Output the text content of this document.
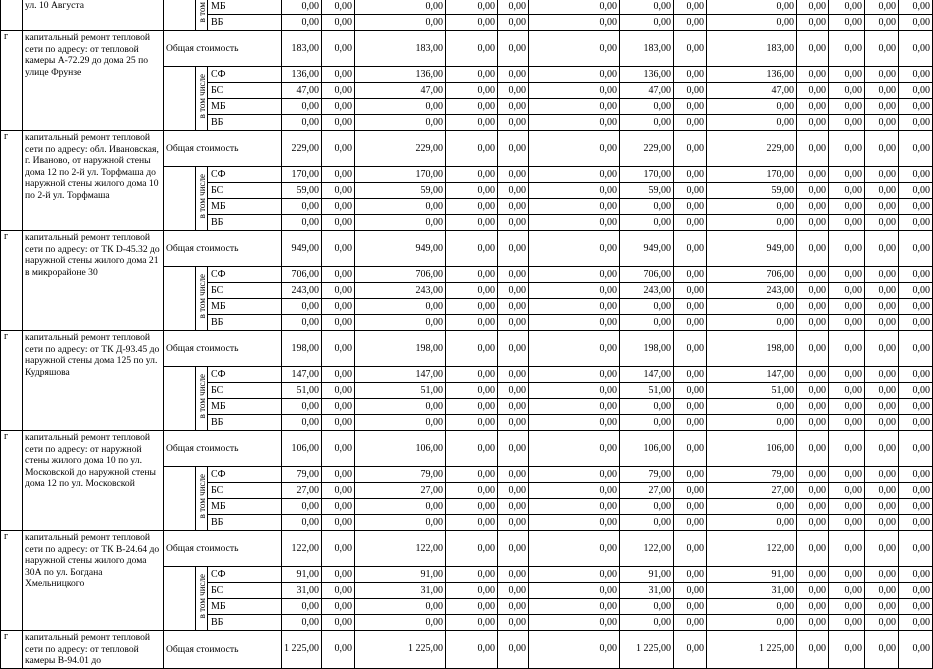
	ул. 10 Августа		в том	МБ	0,00	0,00	0,00	0,00	0,00	0,00	0,00	0,00	0,00	0,00	0,00	0,00	0,00
				ВБ	0,00	0,00	0,00	0,00	0,00	0,00	0,00	0,00	0,00	0,00	0,00	0,00	0,00
г	капитальный ремонт тепловой сети по адресу: от тепловой камеры А-72.29 до дома 25 по улице Фрунзе	Общая стоимость			183,00	0,00	183,00	0,00	0,00	0,00	183,00	0,00	183,00	0,00	0,00	0,00	0,00
			в том числе	СФ	136,00	0,00	136,00	0,00	0,00	0,00	136,00	0,00	136,00	0,00	0,00	0,00	0,00
				БС	47,00	0,00	47,00	0,00	0,00	0,00	47,00	0,00	47,00	0,00	0,00	0,00	0,00
				МБ	0,00	0,00	0,00	0,00	0,00	0,00	0,00	0,00	0,00	0,00	0,00	0,00	0,00
				ВБ	0,00	0,00	0,00	0,00	0,00	0,00	0,00	0,00	0,00	0,00	0,00	0,00	0,00
г	капитальный ремонт тепловой сети по адресу: обл. Ивановская, г. Иваново, от наружной стены дома 12 по 2-й ул. Торфмаша до наружной стены жилого дома 10 по 2-й ул. Торфмаша	Общая стоимость			229,00	0,00	229,00	0,00	0,00	0,00	229,00	0,00	229,00	0,00	0,00	0,00	0,00
			в том числе	СФ	170,00	0,00	170,00	0,00	0,00	0,00	170,00	0,00	170,00	0,00	0,00	0,00	0,00
				БС	59,00	0,00	59,00	0,00	0,00	0,00	59,00	0,00	59,00	0,00	0,00	0,00	0,00
				МБ	0,00	0,00	0,00	0,00	0,00	0,00	0,00	0,00	0,00	0,00	0,00	0,00	0,00
				ВБ	0,00	0,00	0,00	0,00	0,00	0,00	0,00	0,00	0,00	0,00	0,00	0,00	0,00
г	капитальный ремонт тепловой сети по адресу: от ТК D-45.32 до наружной стены жилого дома 21 в микрорайоне 30	Общая стоимость			949,00	0,00	949,00	0,00	0,00	0,00	949,00	0,00	949,00	0,00	0,00	0,00	0,00
			в том числе	СФ	706,00	0,00	706,00	0,00	0,00	0,00	706,00	0,00	706,00	0,00	0,00	0,00	0,00
				БС	243,00	0,00	243,00	0,00	0,00	0,00	243,00	0,00	243,00	0,00	0,00	0,00	0,00
				МБ	0,00	0,00	0,00	0,00	0,00	0,00	0,00	0,00	0,00	0,00	0,00	0,00	0,00
				ВБ	0,00	0,00	0,00	0,00	0,00	0,00	0,00	0,00	0,00	0,00	0,00	0,00	0,00
г	капитальный ремонт тепловой сети по адресу: от ТК Д-93.45 до наружной стены дома 125 по ул. Кудряшова	Общая стоимость			198,00	0,00	198,00	0,00	0,00	0,00	198,00	0,00	198,00	0,00	0,00	0,00	0,00
			в том числе	СФ	147,00	0,00	147,00	0,00	0,00	0,00	147,00	0,00	147,00	0,00	0,00	0,00	0,00
				БС	51,00	0,00	51,00	0,00	0,00	0,00	51,00	0,00	51,00	0,00	0,00	0,00	0,00
				МБ	0,00	0,00	0,00	0,00	0,00	0,00	0,00	0,00	0,00	0,00	0,00	0,00	0,00
				ВБ	0,00	0,00	0,00	0,00	0,00	0,00	0,00	0,00	0,00	0,00	0,00	0,00	0,00
г	капитальный ремонт тепловой сети по адресу: от наружной стены жилого дома 10 по ул. Московской до наружной стены дома 12 по ул. Московской	Общая стоимость			106,00	0,00	106,00	0,00	0,00	0,00	106,00	0,00	106,00	0,00	0,00	0,00	0,00
			в том числе	СФ	79,00	0,00	79,00	0,00	0,00	0,00	79,00	0,00	79,00	0,00	0,00	0,00	0,00
				БС	27,00	0,00	27,00	0,00	0,00	0,00	27,00	0,00	27,00	0,00	0,00	0,00	0,00
				МБ	0,00	0,00	0,00	0,00	0,00	0,00	0,00	0,00	0,00	0,00	0,00	0,00	0,00
				ВБ	0,00	0,00	0,00	0,00	0,00	0,00	0,00	0,00	0,00	0,00	0,00	0,00	0,00
г	капитальный ремонт тепловой сети по адресу: от ТК В-24.64 до наружной стены жилого дома 30А по ул. Богдана Хмельницкого	Общая стоимость			122,00	0,00	122,00	0,00	0,00	0,00	122,00	0,00	122,00	0,00	0,00	0,00	0,00
			в том числе	СФ	91,00	0,00	91,00	0,00	0,00	0,00	91,00	0,00	91,00	0,00	0,00	0,00	0,00
				БС	31,00	0,00	31,00	0,00	0,00	0,00	31,00	0,00	31,00	0,00	0,00	0,00	0,00
				МБ	0,00	0,00	0,00	0,00	0,00	0,00	0,00	0,00	0,00	0,00	0,00	0,00	0,00
				ВБ	0,00	0,00	0,00	0,00	0,00	0,00	0,00	0,00	0,00	0,00	0,00	0,00	0,00
г	капитальный ремонт тепловой сети по адресу: от тепловой камеры В-94.01 до	Общая стоимость			1 225,00	0,00	1 225,00	0,00	0,00	0,00	1 225,00	0,00	1 225,00	0,00	0,00	0,00	0,00
